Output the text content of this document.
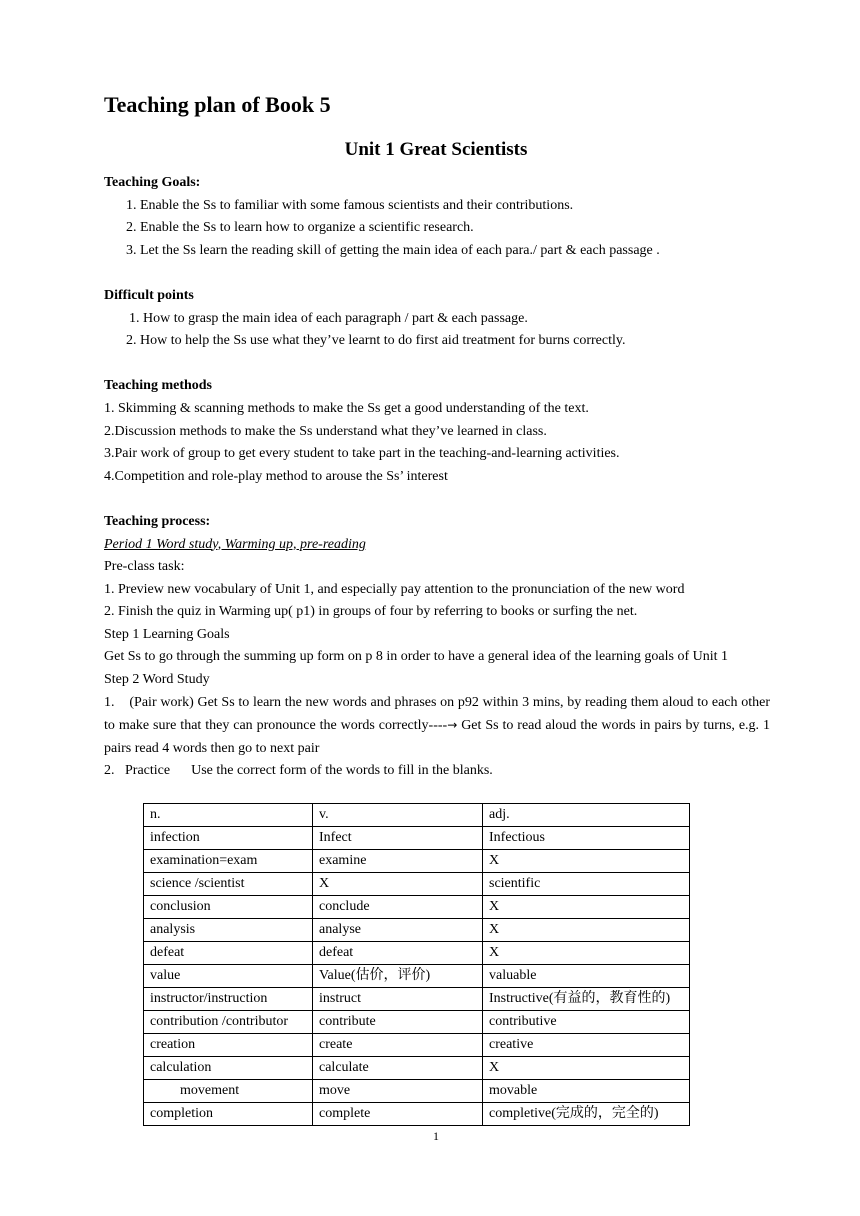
Teaching plan of Book 5
Unit 1 Great Scientists
Teaching Goals:
1. Enable the Ss to familiar with some famous scientists and their contributions.
2. Enable the Ss to learn how to organize a scientific research.
3. Let the Ss learn the reading skill of getting the main idea of each para./ part & each passage .
Difficult points
1. How to grasp the main idea of each paragraph / part & each passage.
2. How to help the Ss use what they’ve learnt to do first aid treatment for burns correctly.
Teaching methods
1. Skimming & scanning methods to make the Ss get a good understanding of the text.
2.Discussion methods to make the Ss understand what they’ve learned in class.
3.Pair work of group to get every student to take part in the teaching-and-learning activities.
4.Competition and role-play method to arouse the Ss’ interest
Teaching process:
Period 1 Word study, Warming up, pre-reading
Pre-class task:
1. Preview new vocabulary of Unit 1, and especially pay attention to the pronunciation of the new word
2. Finish the quiz in Warming up( p1) in groups of four by referring to books or surfing the net.
Step 1 Learning Goals
Get Ss to go through the summing up form on p 8 in order to have a general idea of the learning goals of Unit 1
Step 2 Word Study
1.    (Pair work) Get Ss to learn the new words and phrases on p92 within 3 mins, by reading them aloud to each other to make sure that they can pronounce the words correctly----→ Get Ss to read aloud the words in pairs by turns, e.g. 1 pairs read 4 words then go to next pair
2.   Practice      Use the correct form of the words to fill in the blanks.
n.	v.	adj.
infection	Infect	Infectious
examination=exam	examine	X
science /scientist	X	scientific
conclusion	conclude	X
analysis	analyse	X
defeat	defeat	X
value	Value(估价，评价)	valuable
instructor/instruction	instruct	Instructive(有益的，教育性的)
contribution /contributor	contribute	contributive
creation	create	creative
calculation	calculate	X
movement	move	movable
completion	complete	completive(完成的，完全的)
1
